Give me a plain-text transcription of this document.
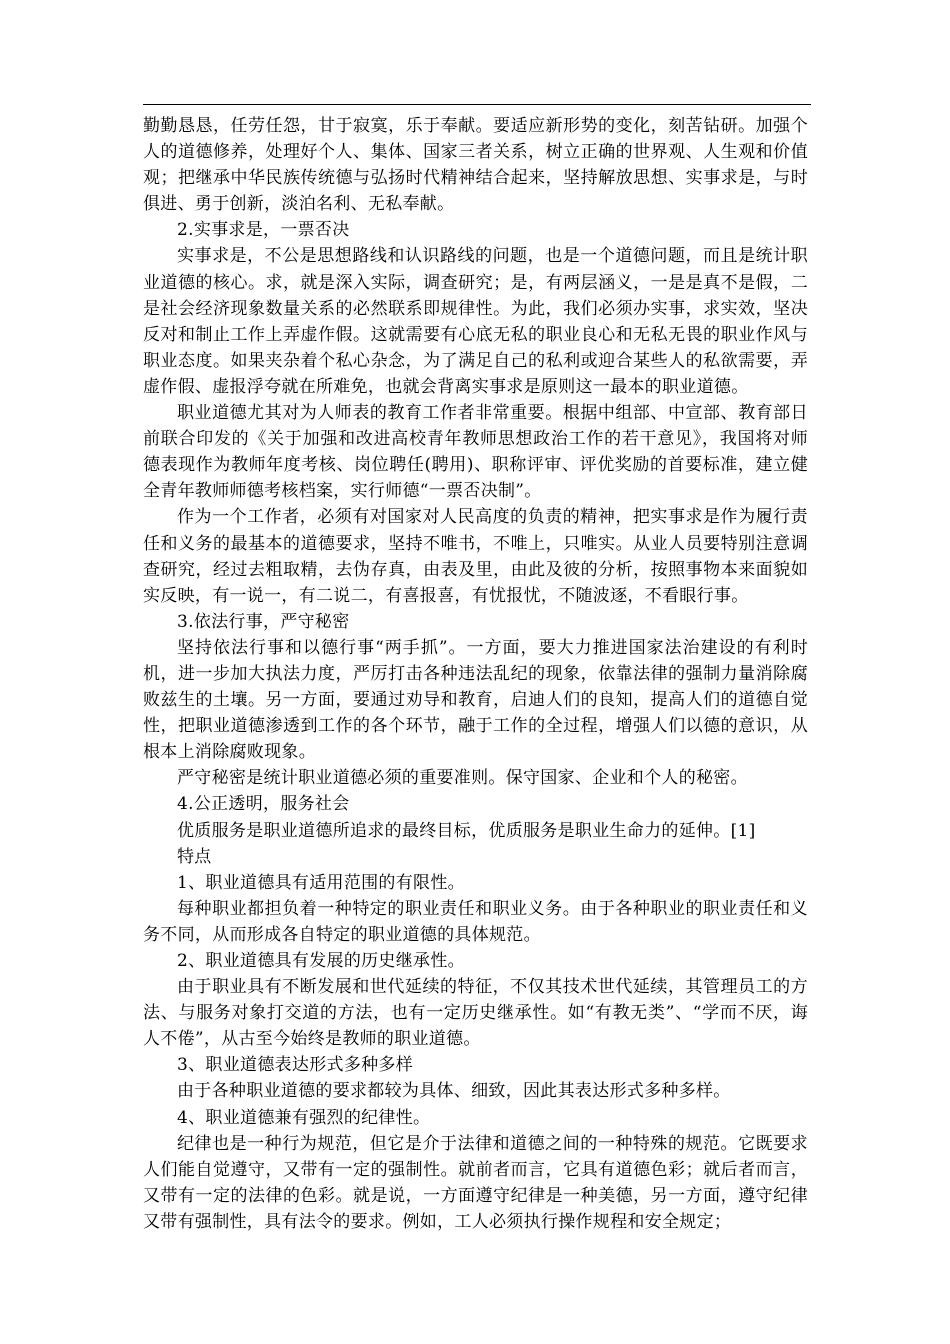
勤勤恳恳，任劳任怨，甘于寂寞，乐于奉献。要适应新形势的变化，刻苦钻研。加强个人的道德修养，处理好个人、集体、国家三者关系，树立正确的世界观、人生观和价值观；把继承中华民族传统德与弘扬时代精神结合起来，坚持解放思想、实事求是，与时俱进、勇于创新，淡泊名利、无私奉献。

2.实事求是，一票否决

实事求是，不公是思想路线和认识路线的问题，也是一个道德问题，而且是统计职业道德的核心。求，就是深入实际，调查研究；是，有两层涵义，一是是真不是假，二是社会经济现象数量关系的必然联系即规律性。为此，我们必须办实事，求实效，坚决反对和制止工作上弄虚作假。这就需要有心底无私的职业良心和无私无畏的职业作风与职业态度。如果夹杂着个私心杂念，为了满足自己的私利或迎合某些人的私欲需要，弄虚作假、虚报浮夸就在所难免，也就会背离实事求是原则这一最本的职业道德。

职业道德尤其对为人师表的教育工作者非常重要。根据中组部、中宣部、教育部日前联合印发的《关于加强和改进高校青年教师思想政治工作的若干意见》，我国将对师德表现作为教师年度考核、岗位聘任(聘用)、职称评审、评优奖励的首要标准，建立健全青年教师师德考核档案，实行师德“一票否决制”。

作为一个工作者，必须有对国家对人民高度的负责的精神，把实事求是作为履行责任和义务的最基本的道德要求，坚持不唯书，不唯上，只唯实。从业人员要特别注意调查研究，经过去粗取精，去伪存真，由表及里，由此及彼的分析，按照事物本来面貌如实反映，有一说一，有二说二，有喜报喜，有忧报忧，不随波逐，不看眼行事。

3.依法行事，严守秘密

坚持依法行事和以德行事“两手抓”。一方面，要大力推进国家法治建设的有利时机，进一步加大执法力度，严厉打击各种违法乱纪的现象，依靠法律的强制力量消除腐败兹生的土壤。另一方面，要通过劝导和教育，启迪人们的良知，提高人们的道德自觉性，把职业道德渗透到工作的各个环节，融于工作的全过程，增强人们以德的意识，从根本上消除腐败现象。

严守秘密是统计职业道德必须的重要准则。保守国家、企业和个人的秘密。

4.公正透明，服务社会

优质服务是职业道德所追求的最终目标，优质服务是职业生命力的延伸。[1]

特点

1、职业道德具有适用范围的有限性。

每种职业都担负着一种特定的职业责任和职业义务。由于各种职业的职业责任和义务不同，从而形成各自特定的职业道德的具体规范。

2、职业道德具有发展的历史继承性。

由于职业具有不断发展和世代延续的特征，不仅其技术世代延续，其管理员工的方法、与服务对象打交道的方法，也有一定历史继承性。如“有教无类”、“学而不厌，诲人不倦”，从古至今始终是教师的职业道德。

3、职业道德表达形式多种多样

由于各种职业道德的要求都较为具体、细致，因此其表达形式多种多样。

4、职业道德兼有强烈的纪律性。

纪律也是一种行为规范，但它是介于法律和道德之间的一种特殊的规范。它既要求人们能自觉遵守，又带有一定的强制性。就前者而言，它具有道德色彩；就后者而言，又带有一定的法律的色彩。就是说，一方面遵守纪律是一种美德，另一方面，遵守纪律又带有强制性，具有法令的要求。例如，工人必须执行操作规程和安全规定；
